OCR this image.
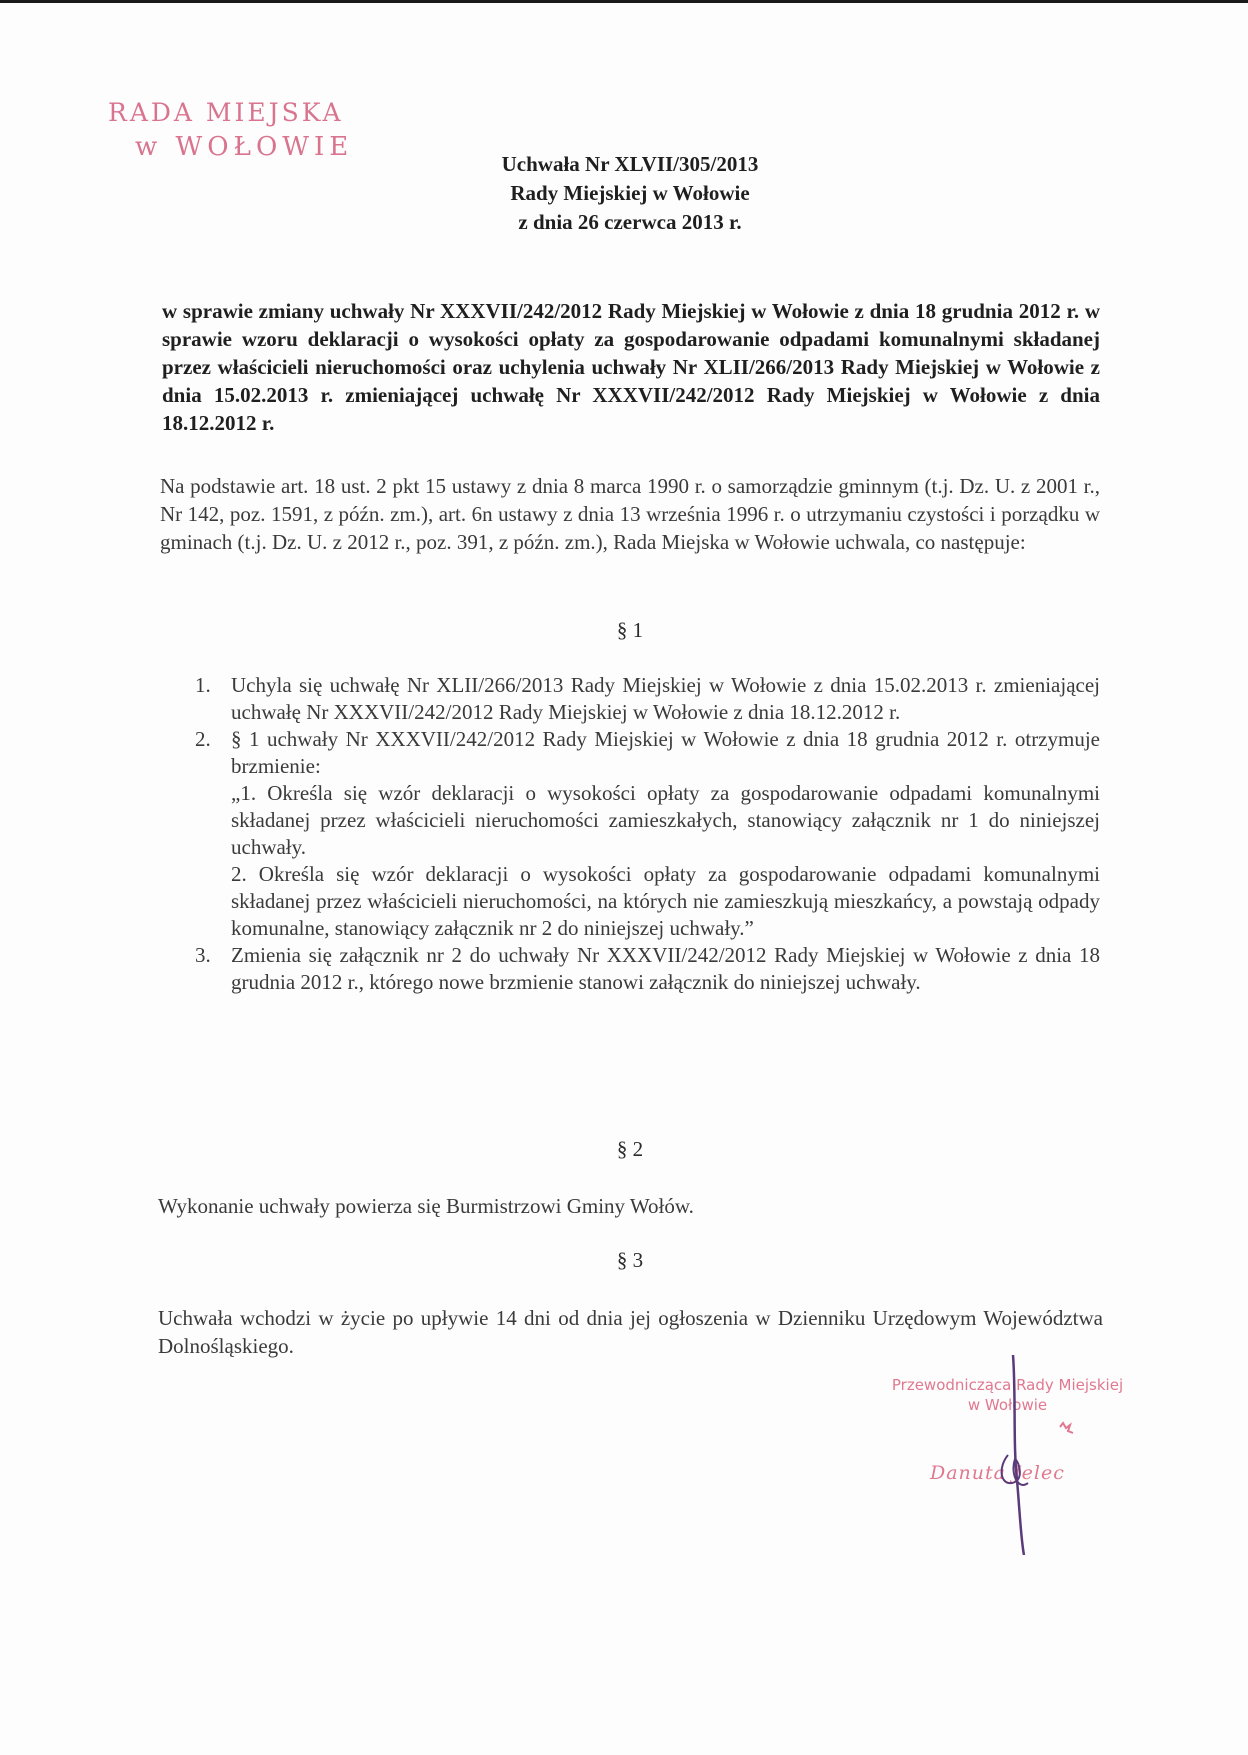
RADA MIEJSKA
w WOŁOWIE
Uchwała Nr XLVII/305/2013
Rady Miejskiej w Wołowie
z dnia 26 czerwca 2013 r.
w sprawie zmiany uchwały Nr XXXVII/242/2012 Rady Miejskiej w Wołowie z dnia 18 grudnia 2012 r. w sprawie wzoru deklaracji o wysokości opłaty za gospodarowanie odpadami komunalnymi składanej przez właścicieli nieruchomości oraz uchylenia uchwały Nr XLII/266/2013 Rady Miejskiej w Wołowie z dnia 15.02.2013 r. zmieniającej uchwałę Nr XXXVII/242/2012 Rady Miejskiej w Wołowie z dnia 18.12.2012 r.
Na podstawie art. 18 ust. 2 pkt 15 ustawy z dnia 8 marca 1990 r. o samorządzie gminnym (t.j. Dz. U. z 2001 r., Nr 142, poz. 1591, z późn. zm.), art. 6n ustawy z dnia 13 września 1996 r. o utrzymaniu czystości i porządku w gminach (t.j. Dz. U. z 2012 r., poz. 391, z późn. zm.), Rada Miejska w Wołowie uchwala, co następuje:
§ 1
1. Uchyla się uchwałę Nr XLII/266/2013 Rady Miejskiej w Wołowie z dnia 15.02.2013 r. zmieniającej uchwałę Nr XXXVII/242/2012 Rady Miejskiej w Wołowie z dnia 18.12.2012 r.
2. § 1 uchwały Nr XXXVII/242/2012 Rady Miejskiej w Wołowie z dnia 18 grudnia 2012 r. otrzymuje brzmienie:
„1. Określa się wzór deklaracji o wysokości opłaty za gospodarowanie odpadami komunalnymi składanej przez właścicieli nieruchomości zamieszkałych, stanowiący załącznik nr 1 do niniejszej uchwały.
2. Określa się wzór deklaracji o wysokości opłaty za gospodarowanie odpadami komunalnymi składanej przez właścicieli nieruchomości, na których nie zamieszkują mieszkańcy, a powstają odpady komunalne, stanowiący załącznik nr 2 do niniejszej uchwały.”
3. Zmienia się załącznik nr 2 do uchwały Nr XXXVII/242/2012 Rady Miejskiej w Wołowie z dnia 18 grudnia 2012 r., którego nowe brzmienie stanowi załącznik do niniejszej uchwały.
§ 2
Wykonanie uchwały powierza się Burmistrzowi Gminy Wołów.
§ 3
Uchwała wchodzi w życie po upływie 14 dni od dnia jej ogłoszenia w Dzienniku Urzędowym Województwa Dolnośląskiego.
Przewodnicząca Rady Miejskiej
w Wołowie
Danuta Jelec
